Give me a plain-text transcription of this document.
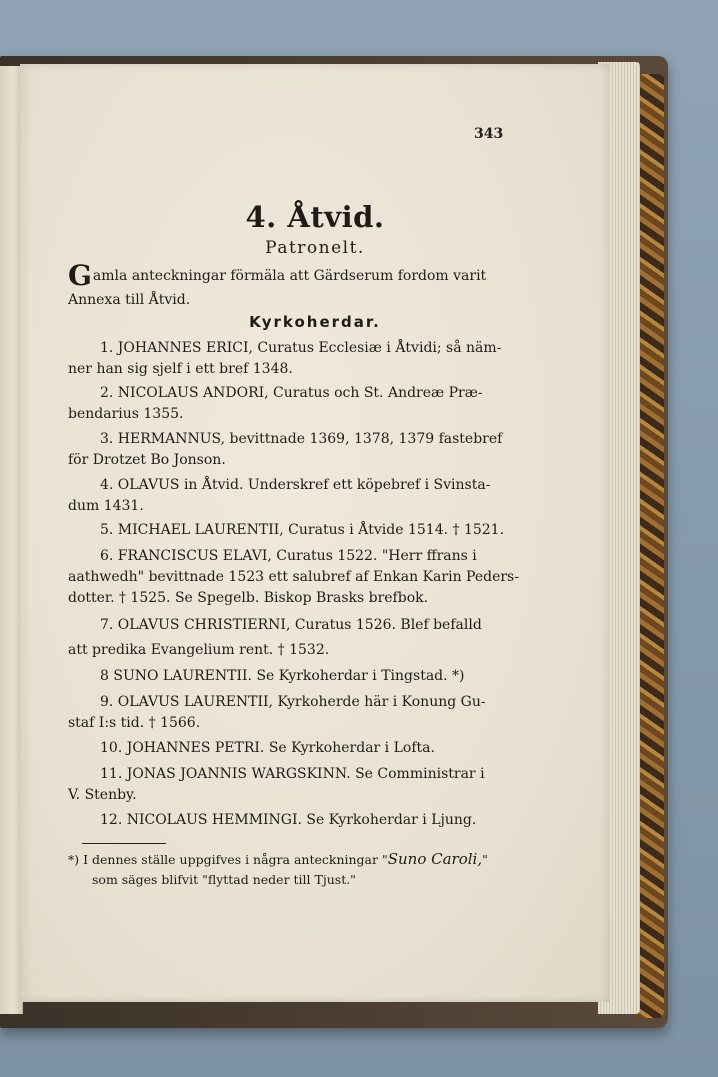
343
4. Åtvid.
Patronelt.
Gamla anteckningar förmäla att Gärdserum fordom varit Annexa till Åtvid.
Kyrkoherdar.
1. JOHANNES ERICI, Curatus Ecclesiæ i Åtvidi; så näm-
ner han sig sjelf i ett bref 1348.
2. NICOLAUS ANDORI, Curatus och St. Andreæ Præ-
bendarius 1355.
3. HERMANNUS, bevittnade 1369, 1378, 1379 fastebref
för Drotzet Bo Jonson.
4. OLAVUS in Åtvid. Underskref ett köpebref i Svinsta-
dum 1431.
5. MICHAEL LAURENTII, Curatus i Åtvide 1514. † 1521.
6. FRANCISCUS ELAVI, Curatus 1522. "Herr ffrans i
aathwedh" bevittnade 1523 ett salubref af Enkan Karin Peders-
dotter. † 1525. Se Spegelb. Biskop Brasks brefbok.
7. OLAVUS CHRISTIERNI, Curatus 1526. Blef befalld
att predika Evangelium rent. † 1532.
8 SUNO LAURENTII. Se Kyrkoherdar i Tingstad. *)
9. OLAVUS LAURENTII, Kyrkoherde här i Konung Gu-
staf I:s tid. † 1566.
10. JOHANNES PETRI. Se Kyrkoherdar i Lofta.
11. JONAS JOANNIS WARGSKINN. Se Comministrar i
V. Stenby.
12. NICOLAUS HEMMINGI. Se Kyrkoherdar i Ljung.
*) I dennes ställe uppgifves i några anteckningar "Suno Caroli,"
som säges blifvit "flyttad neder till Tjust."
